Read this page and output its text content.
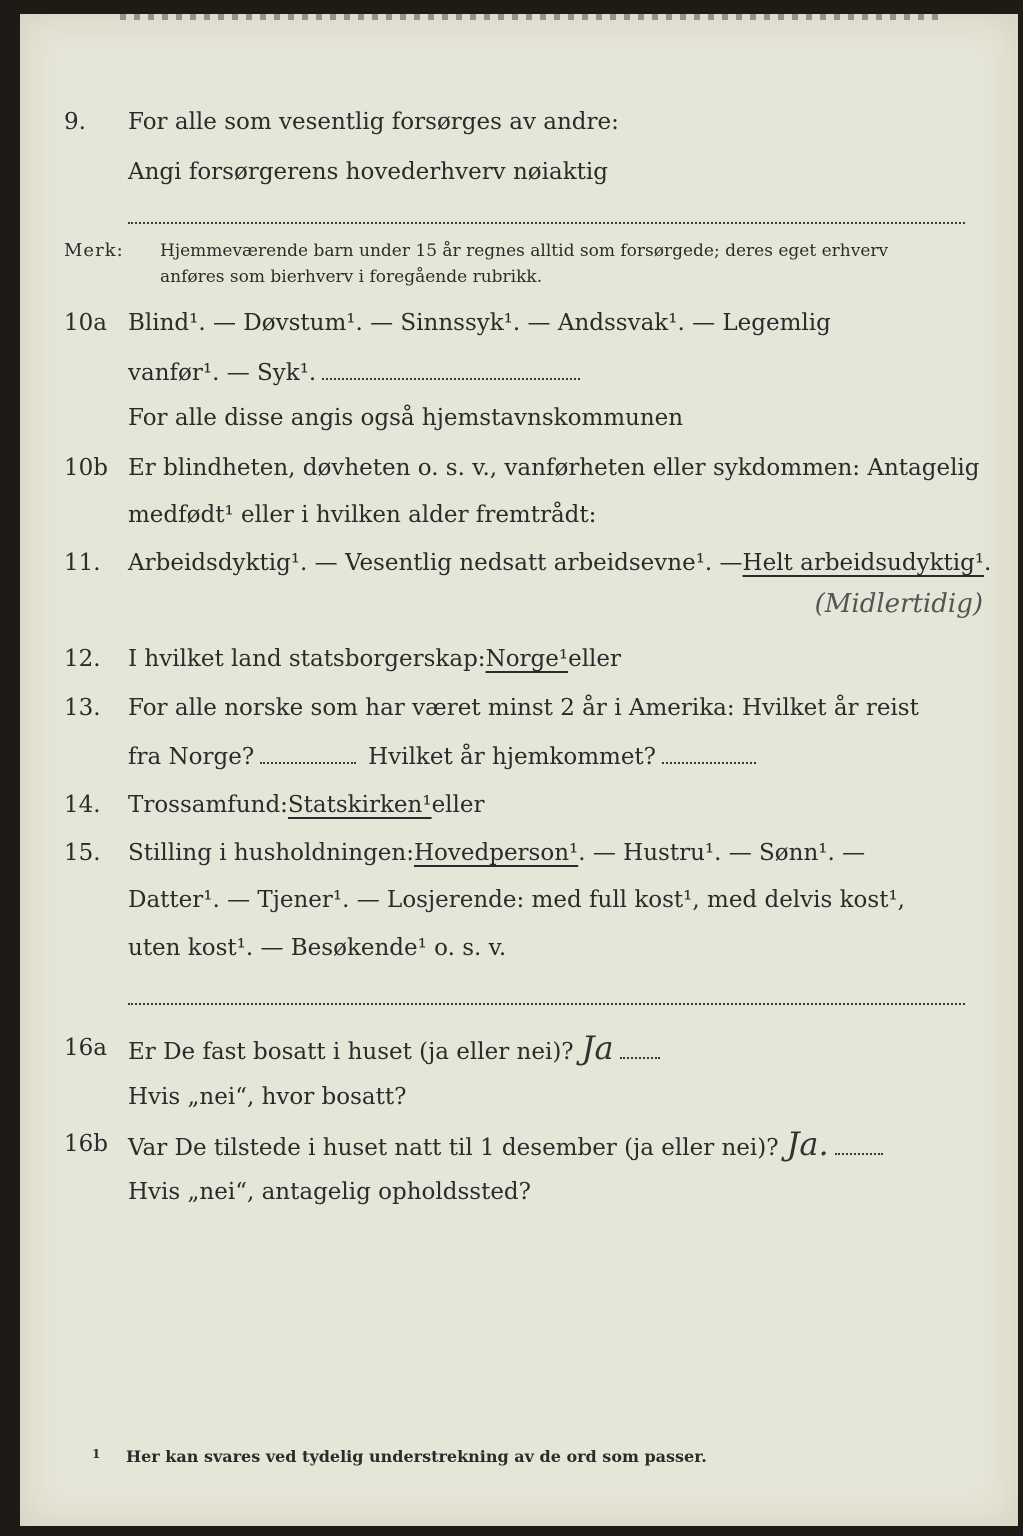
9. For alle som vesentlig forsørges av andre:
Angi forsørgerens hovederhverv nøiaktig
Merk: Hjemmeværende barn under 15 år regnes alltid som forsørgede; deres eget erhverv
anføres som bierhverv i foregående rubrikk.
10a Blind¹. — Døvstum¹. — Sinnssyk¹. — Andssvak¹. — Legemlig
vanfør¹. — Syk¹.
For alle disse angis også hjemstavnskommunen
10b Er blindheten, døvheten o. s. v., vanførheten eller sykdommen: Antagelig
medfødt¹ eller i hvilken alder fremtrådt:
11. Arbeidsdyktig¹. — Vesentlig nedsatt arbeidsevne¹. — Helt arbeidsudyktig¹ .
(Midlertidig)
12. I hvilket land statsborgerskap: Norge¹ eller
13. For alle norske som har været minst 2 år i Amerika: Hvilket år reist
fra Norge?	Hvilket år hjemkommet?
14. Trossamfund: Statskirken¹ eller
15. Stilling i husholdningen: Hovedperson¹ . — Hustru¹. — Sønn¹. —
Datter¹. — Tjener¹. — Losjerende: med full kost¹, med delvis kost¹,
uten kost¹. — Besøkende¹ o. s. v.
16a Er De fast bosatt i huset (ja eller nei)? Ja
Hvis „nei“, hvor bosatt?
16b Var De tilstede i huset natt til 1 desember (ja eller nei)? Ja.
Hvis „nei“, antagelig opholdssted?
1 Her kan svares ved tydelig understrekning av de ord som passer.
